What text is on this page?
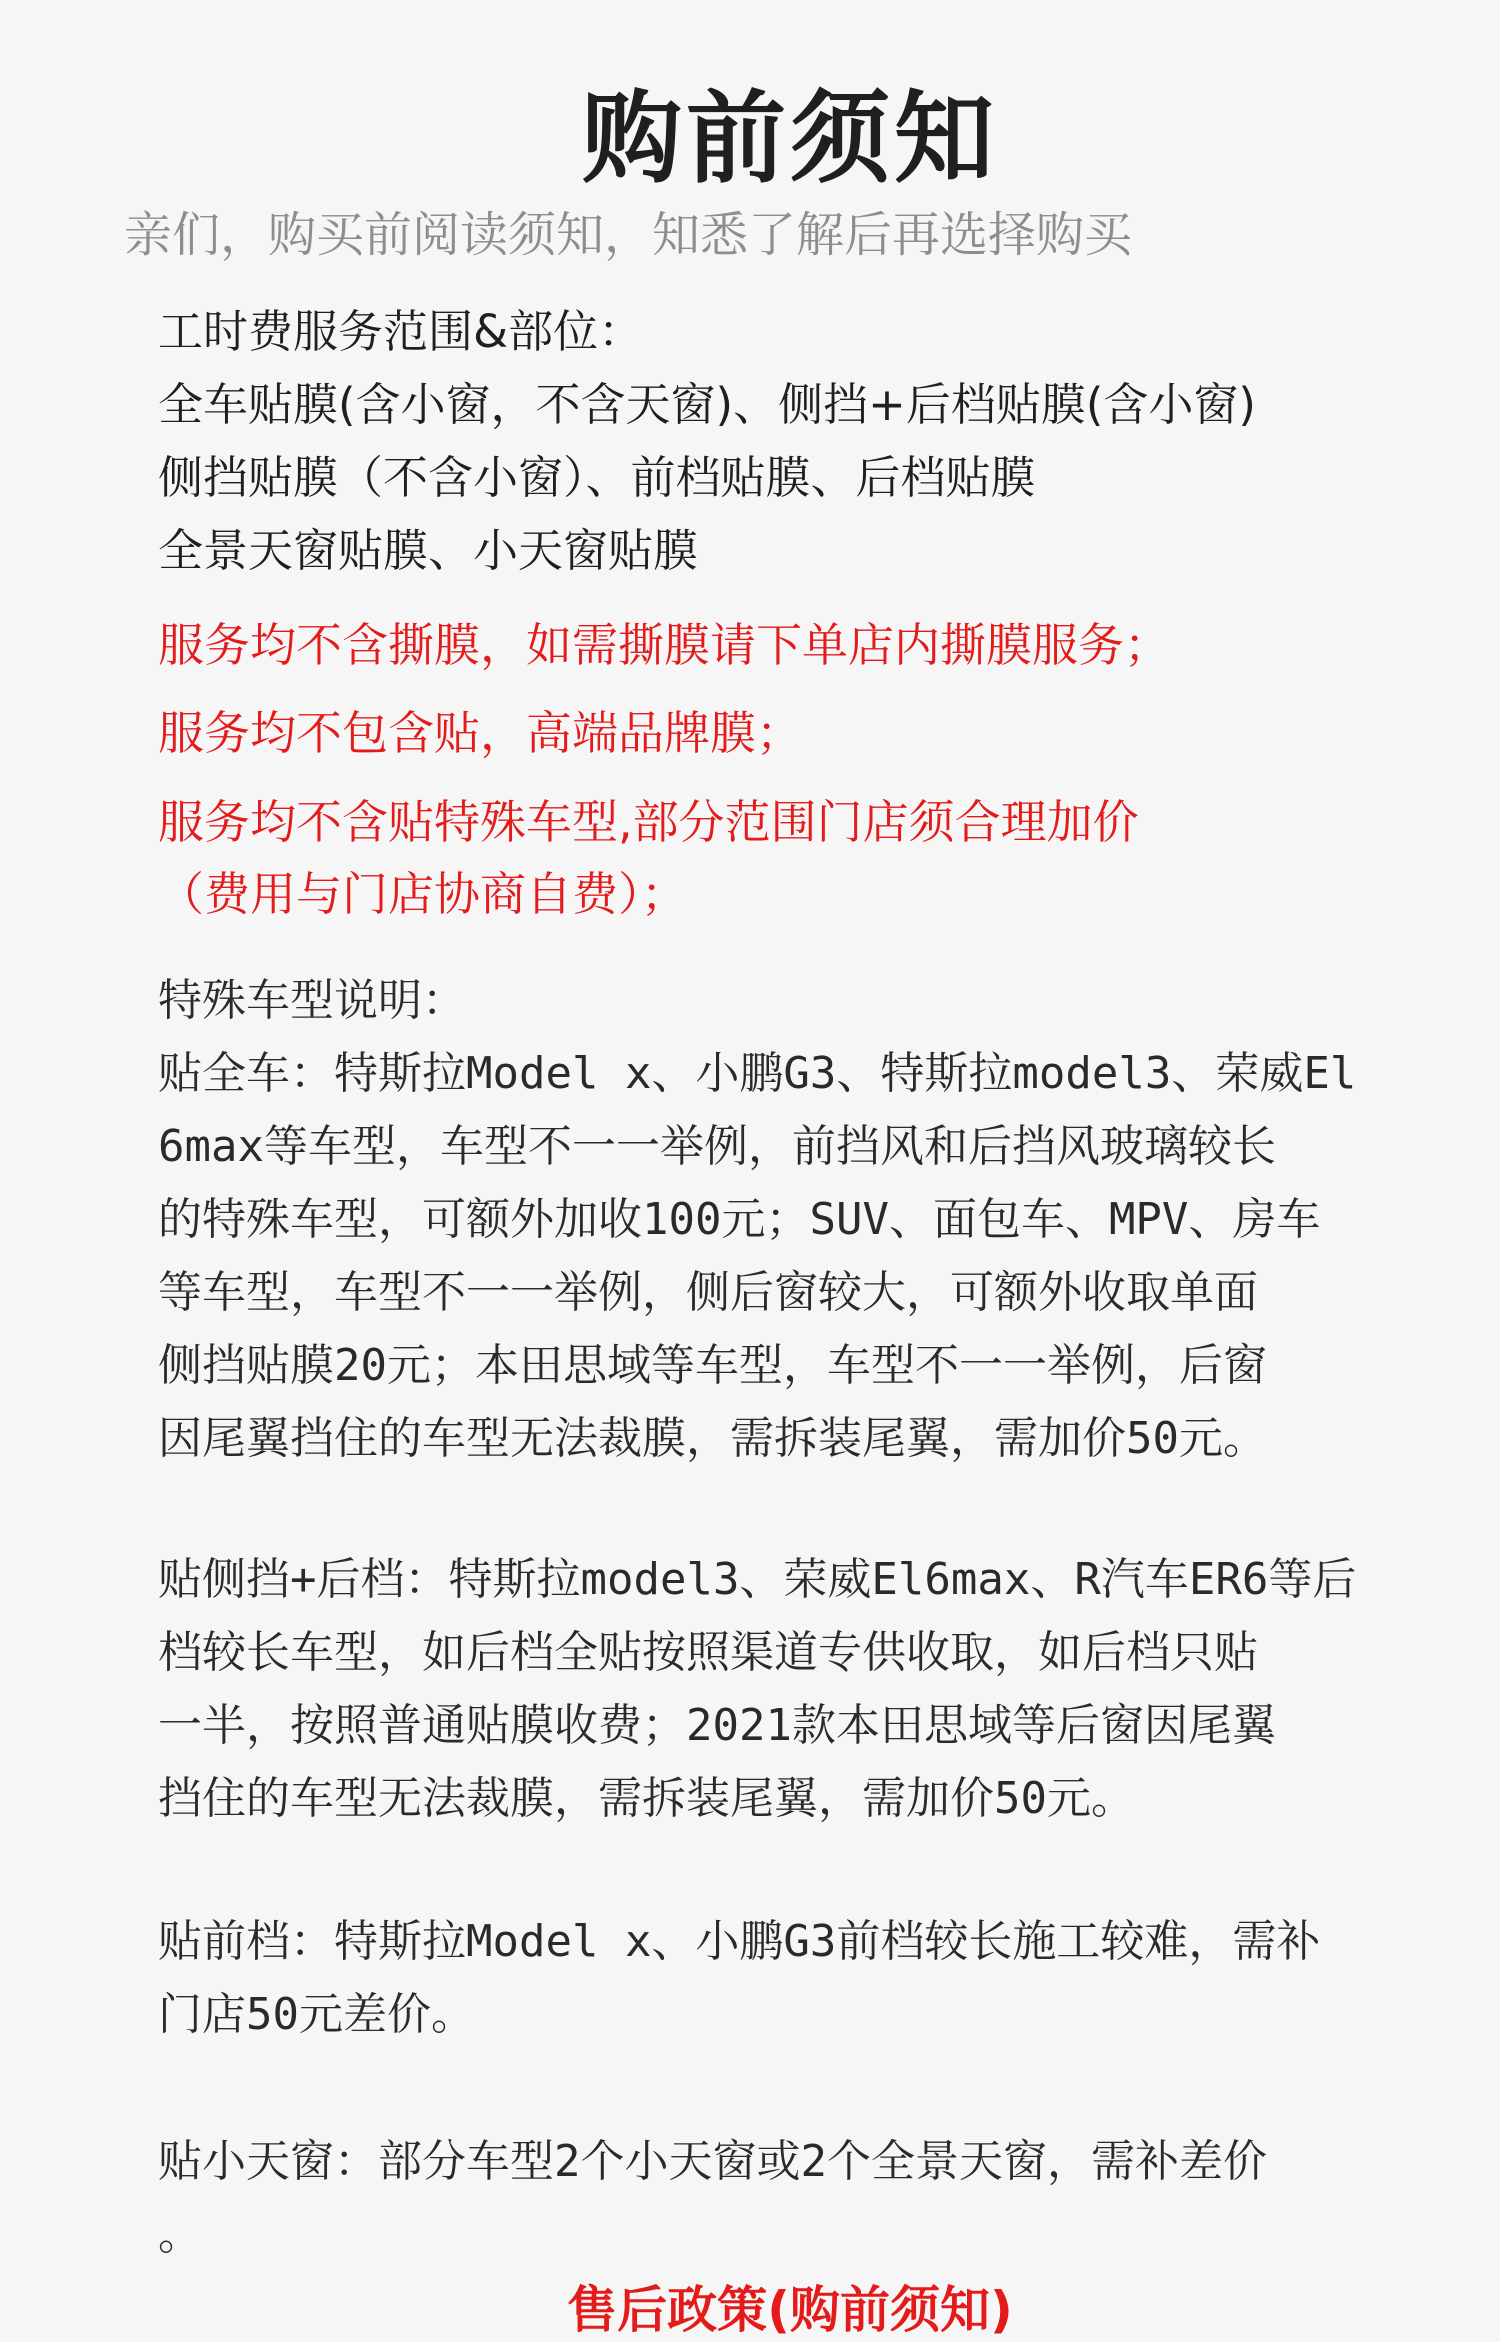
购前须知
亲们，购买前阅读须知，知悉了解后再选择购买
工时费服务范围&部位：
全车贴膜(含小窗，不含天窗)、侧挡+后档贴膜(含小窗)
侧挡贴膜（不含小窗）、前档贴膜、后档贴膜
全景天窗贴膜、小天窗贴膜
服务均不含撕膜，如需撕膜请下单店内撕膜服务；
服务均不包含贴，高端品牌膜；
服务均不含贴特殊车型,部分范围门店须合理加价
（费用与门店协商自费）；
特殊车型说明：
贴全车：特斯拉Model x、小鹏G3、特斯拉model3、荣威El
6max等车型，车型不一一举例，前挡风和后挡风玻璃较长
的特殊车型，可额外加收100元；SUV、面包车、MPV、房车
等车型，车型不一一举例，侧后窗较大，可额外收取单面
侧挡贴膜20元；本田思域等车型，车型不一一举例，后窗
因尾翼挡住的车型无法裁膜，需拆装尾翼，需加价50元。
贴侧挡+后档：特斯拉model3、荣威El6max、R汽车ER6等后
档较长车型，如后档全贴按照渠道专供收取，如后档只贴
一半，按照普通贴膜收费；2021款本田思域等后窗因尾翼
挡住的车型无法裁膜，需拆装尾翼，需加价50元。
贴前档：特斯拉Model x、小鹏G3前档较长施工较难，需补
门店50元差价。
贴小天窗：部分车型2个小天窗或2个全景天窗，需补差价
。
售后政策(购前须知)
